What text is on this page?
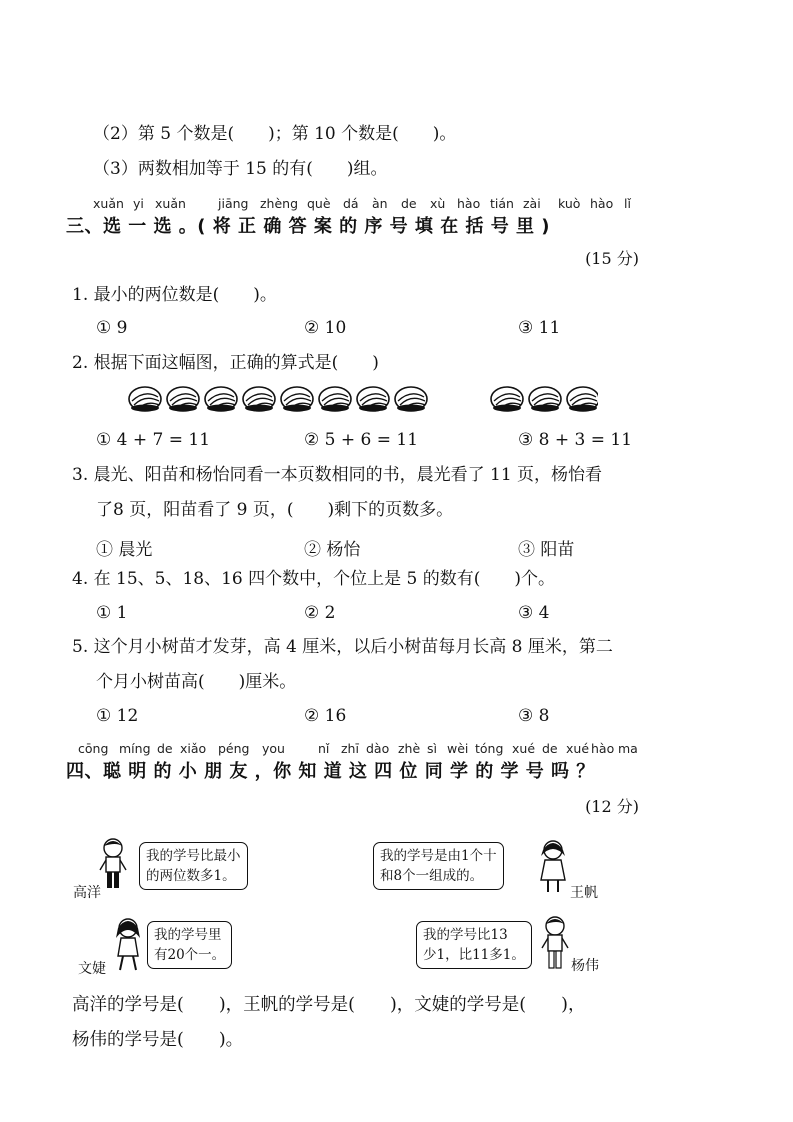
（2）第 5 个数是(　　)；第 10 个数是(　　)。
（3）两数相加等于 15 的有(　　)组。
xuǎn yi xuǎn	jiāng zhèng què dá àn de xù hào tián zài kuò hào lǐ
三、选 一 选 。( 将 正 确 答 案 的 序 号 填 在 括 号 里 )
(15 分)
1. 最小的两位数是(　　)。
① 9	② 10	③ 11
2. 根据下面这幅图，正确的算式是(　　)
① 4 + 7 = 11	② 5 + 6 = 11	③ 8 + 3 = 11
3. 晨光、阳苗和杨怡同看一本页数相同的书，晨光看了 11 页，杨怡看
了8 页，阳苗看了 9 页，(　　)剩下的页数多。
① 晨光	② 杨怡	③ 阳苗
4. 在 15、5、18、16 四个数中，个位上是 5 的数有(　　)个。
① 1	② 2	③ 4
5. 这个月小树苗才发芽，高 4 厘米，以后小树苗每月长高 8 厘米，第二
个月小树苗高(　　)厘米。
① 12	② 16	③ 8
cōng míng de xiǎo péng you	nǐ zhī dào zhè sì wèi tóng xué de xué hào ma
四、聪 明 的 小 朋 友 ，你 知 道 这 四 位 同 学 的 学 号 吗 ？
(12 分)
高洋
我的学号比最小
的两位数多1。
王帆
我的学号是由1个十
和8个一组成的。
文婕
我的学号里
有20个一。
杨伟
我的学号比13
少1，比11多1。
高洋的学号是(　　)，王帆的学号是(　　)，文婕的学号是(　　)，
杨伟的学号是(　　)。
